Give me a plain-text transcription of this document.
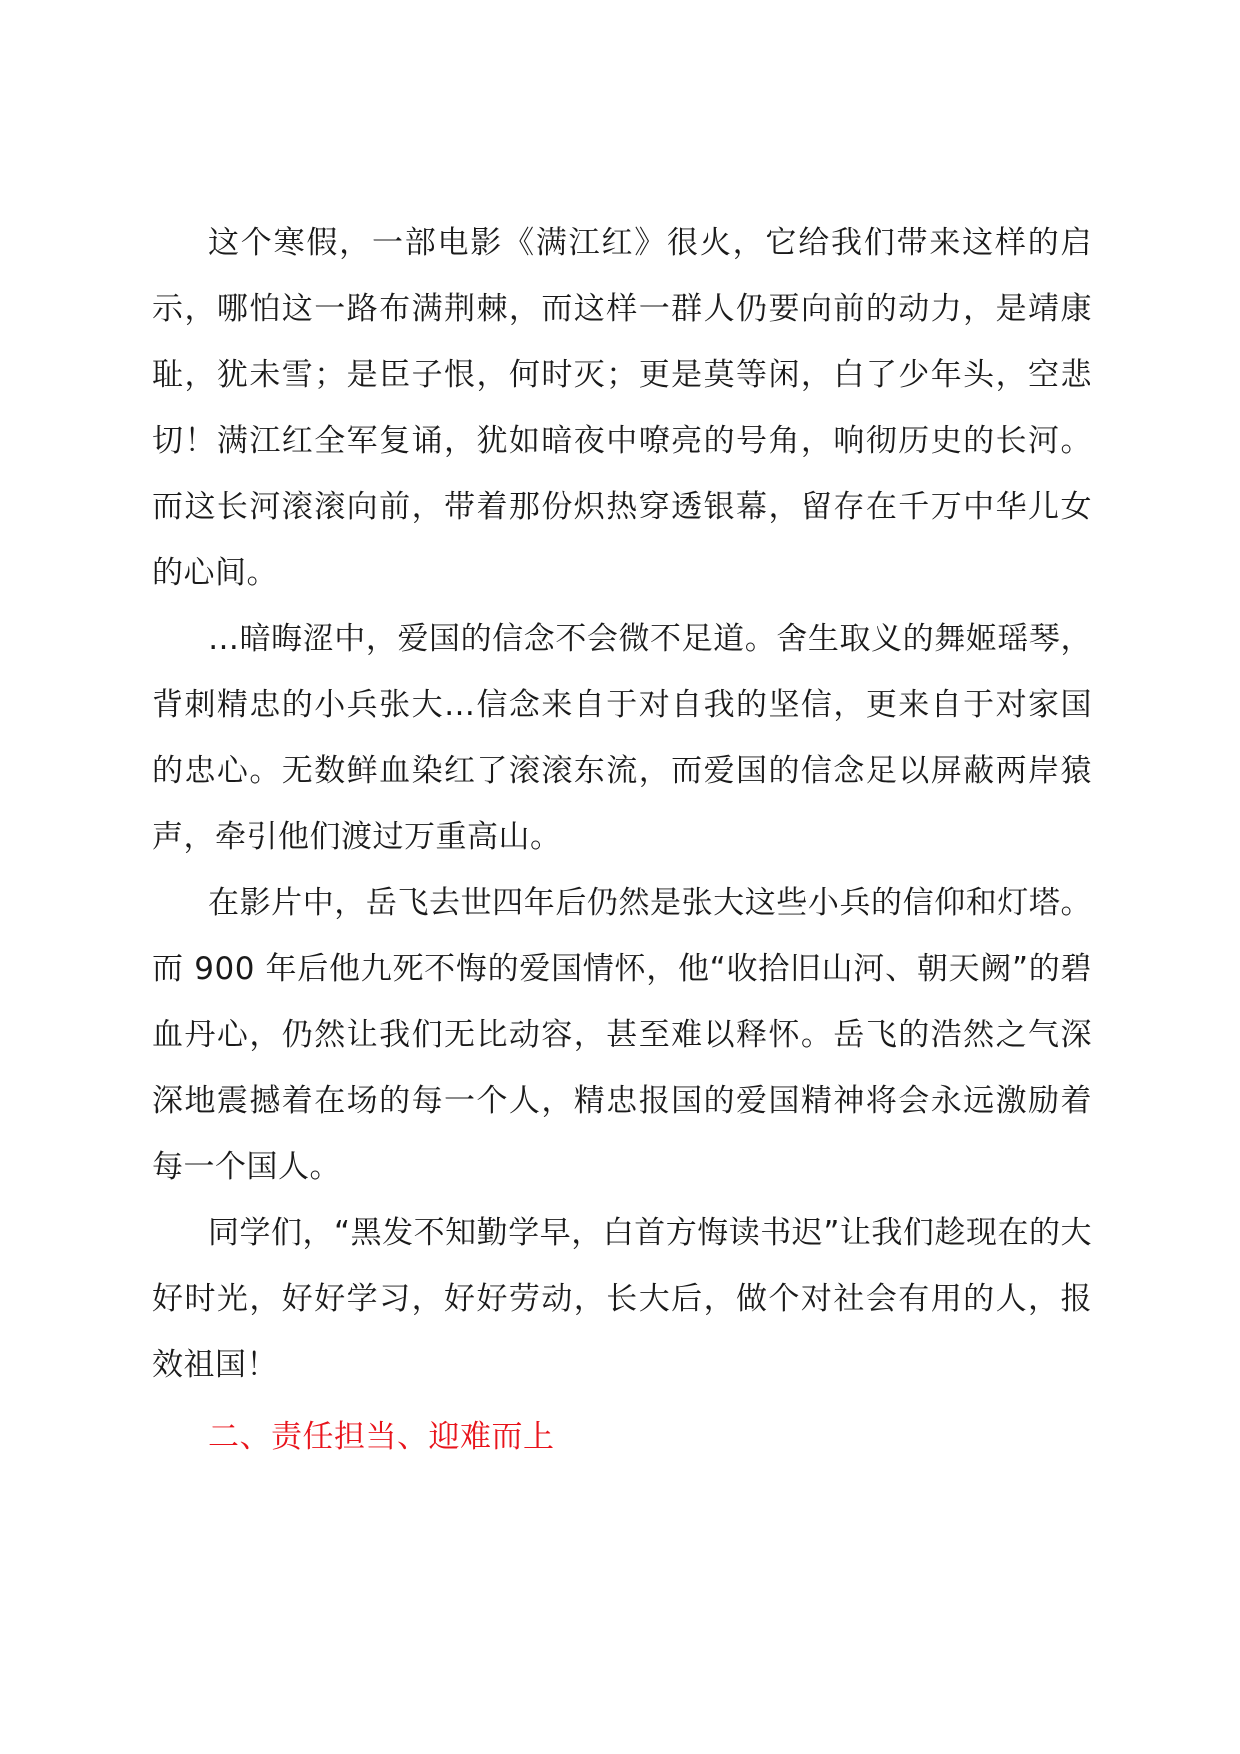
这个寒假，一部电影《满江红》很火，它给我们带来这样的启示，哪怕这一路布满荆棘，而这样一群人仍要向前的动力，是靖康耻，犹未雪；是臣子恨，何时灭；更是莫等闲，白了少年头，空悲切！满江红全军复诵，犹如暗夜中嘹亮的号角，响彻历史的长河。而这长河滚滚向前，带着那份炽热穿透银幕，留存在千万中华儿女的心间。

…暗晦涩中，爱国的信念不会微不足道。舍生取义的舞姬瑶琴，背刺精忠的小兵张大…信念来自于对自我的坚信，更来自于对家国的忠心。无数鲜血染红了滚滚东流，而爱国的信念足以屏蔽两岸猿声，牵引他们渡过万重高山。

在影片中，岳飞去世四年后仍然是张大这些小兵的信仰和灯塔。而 900 年后他九死不悔的爱国情怀，他“收拾旧山河、朝天阙”的碧血丹心，仍然让我们无比动容，甚至难以释怀。岳飞的浩然之气深深地震撼着在场的每一个人，精忠报国的爱国精神将会永远激励着每一个国人。

同学们，“黑发不知勤学早，白首方悔读书迟”让我们趁现在的大好时光，好好学习，好好劳动，长大后，做个对社会有用的人，报效祖国！

二、责任担当、迎难而上
